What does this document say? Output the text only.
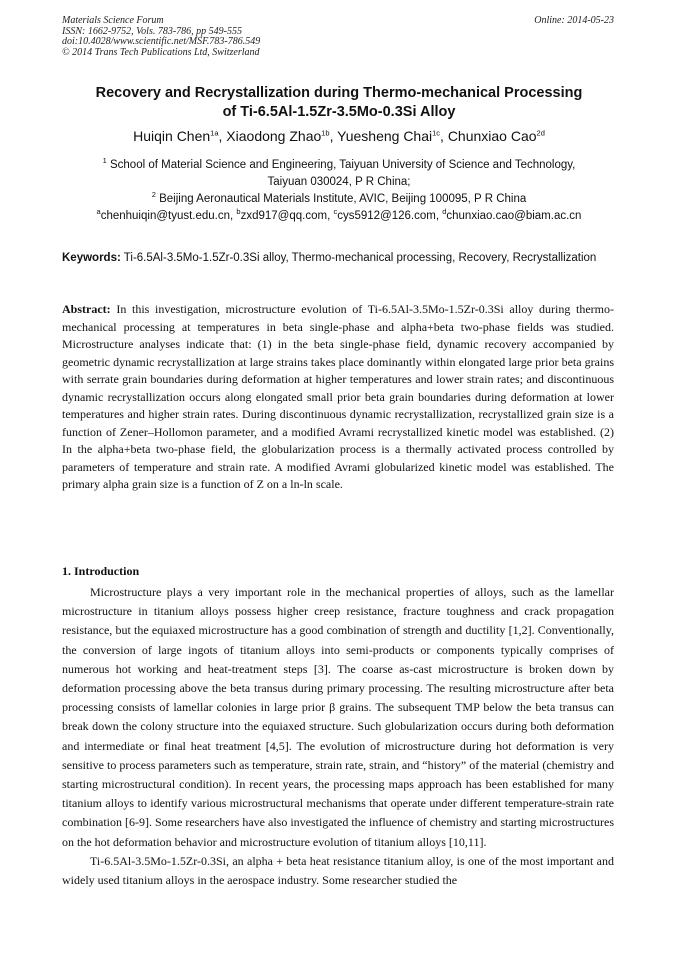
Materials Science Forum
ISSN: 1662-9752, Vols. 783-786, pp 549-555
doi:10.4028/www.scientific.net/MSF.783-786.549
© 2014 Trans Tech Publications Ltd, Switzerland
Online: 2014-05-23
Recovery and Recrystallization during Thermo-mechanical Processing
of Ti-6.5Al-1.5Zr-3.5Mo-0.3Si Alloy
Huiqin Chen$^{1a}$, Xiaodong Zhao$^{1b}$, Yuesheng Chai$^{1c}$, Chunxiao Cao$^{2d}$
$^1$ School of Material Science and Engineering, Taiyuan University of Science and Technology,
Taiyuan 030024, P R China;
$^2$ Beijing Aeronautical Materials Institute, AVIC, Beijing 100095, P R China
$^a$chenhuiqin@tyust.edu.cn, $^b$zxd917@qq.com, $^c$cys5912@126.com, $^d$chunxiao.cao@biam.ac.cn
Keywords: Ti-6.5Al-3.5Mo-1.5Zr-0.3Si alloy, Thermo-mechanical processing, Recovery, Recrystallization
Abstract: In this investigation, microstructure evolution of Ti-6.5Al-3.5Mo-1.5Zr-0.3Si alloy during thermo-mechanical processing at temperatures in beta single-phase and alpha+beta two-phase fields was studied. Microstructure analyses indicate that: (1) in the beta single-phase field, dynamic recovery accompanied by geometric dynamic recrystallization at large strains takes place dominantly within elongated large prior beta grains with serrate grain boundaries during deformation at higher temperatures and lower strain rates; and discontinuous dynamic recrystallization occurs along elongated small prior beta grain boundaries during deformation at lower temperatures and higher strain rates. During discontinuous dynamic recrystallization, recrystallized grain size is a function of Zener–Hollomon parameter, and a modified Avrami recrystallized kinetic model was established. (2) In the alpha+beta two-phase field, the globularization process is a thermally activated process controlled by parameters of temperature and strain rate. A modified Avrami globularized kinetic model was established. The primary alpha grain size is a function of Z on a ln-ln scale.
1. Introduction

Microstructure plays a very important role in the mechanical properties of alloys, such as the lamellar microstructure in titanium alloys possess higher creep resistance, fracture toughness and crack propagation resistance, but the equiaxed microstructure has a good combination of strength and ductility [1,2]. Conventionally, the conversion of large ingots of titanium alloys into semi-products or components typically comprises of numerous hot working and heat-treatment steps [3]. The coarse as-cast microstructure is broken down by deformation processing above the beta transus during primary processing. The resulting microstructure after beta processing consists of lamellar colonies in large prior β grains. The subsequent TMP below the beta transus can break down the colony structure into the equiaxed structure. Such globularization occurs during both deformation and intermediate or final heat treatment [4,5]. The evolution of microstructure during hot deformation is very sensitive to process parameters such as temperature, strain rate, strain, and “history” of the material (chemistry and starting microstructural condition). In recent years, the processing maps approach has been established for many titanium alloys to identify various microstructural mechanisms that operate under different temperature-strain rate combination [6-9]. Some researchers have also investigated the influence of chemistry and starting microstructures on the hot deformation behavior and microstructure evolution of titanium alloys [10,11].

Ti-6.5Al-3.5Mo-1.5Zr-0.3Si, an alpha + beta heat resistance titanium alloy, is one of the most important and widely used titanium alloys in the aerospace industry. Some researcher studied the
